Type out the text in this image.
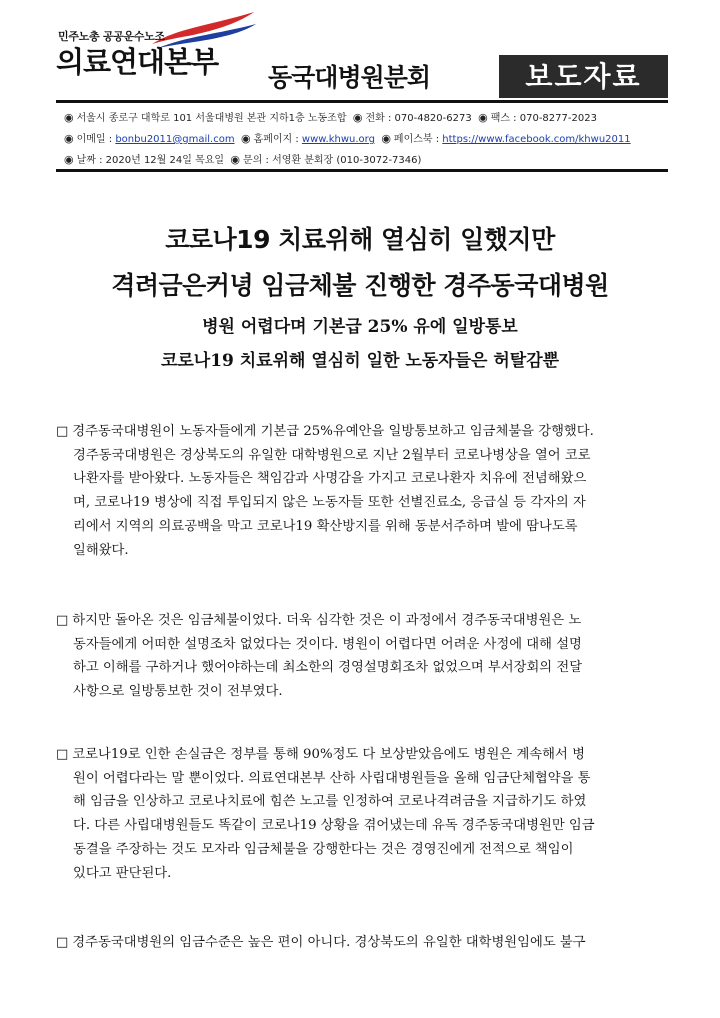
민주노총 공공운수노조
의료연대본부 동국대병원분회	보도자료
◉ 서울시 종로구 대학로 101 서울대병원 본관 지하1층 노동조합 ◉ 전화 : 070-4820-6273 ◉ 팩스 : 070-8277-2023
◉ 이메일 : bonbu2011@gmail.com ◉ 홈페이지 : www.khwu.org ◉ 페이스북 : https://www.facebook.com/khwu2011
◉ 날짜 : 2020년 12월 24일 목요일 ◉ 문의 : 서영환 분회장 (010-3072-7346)
코로나19 치료위해 열심히 일했지만
격려금은커녕 임금체불 진행한 경주동국대병원
병원 어렵다며 기본급 25% 유에 일방통보
코로나19 치료위해 열심히 일한 노동자들은 허탈감뿐
□ 경주동국대병원이 노동자들에게 기본급 25%유예안을 일방통보하고 임금체불을 강행했다.
경주동국대병원은 경상북도의 유일한 대학병원으로 지난 2월부터 코로나병상을 열어 코로
나환자를 받아왔다. 노동자들은 책임감과 사명감을 가지고 코로나환자 치유에 전념해왔으
며, 코로나19 병상에 직접 투입되지 않은 노동자들 또한 선별진료소, 응급실 등 각자의 자
리에서 지역의 의료공백을 막고 코로나19 확산방지를 위해 동분서주하며 발에 땀나도록
일해왔다.
□ 하지만 돌아온 것은 임금체불이었다. 더욱 심각한 것은 이 과정에서 경주동국대병원은 노
동자들에게 어떠한 설명조차 없었다는 것이다. 병원이 어렵다면 어려운 사정에 대해 설명
하고 이해를 구하거나 했어야하는데 최소한의 경영설명회조차 없었으며 부서장회의 전달
사항으로 일방통보한 것이 전부였다.
□ 코로나19로 인한 손실금은 정부를 통해 90%정도 다 보상받았음에도 병원은 계속해서 병
원이 어렵다라는 말 뿐이었다. 의료연대본부 산하 사립대병원들을 올해 임금단체협약을 통
해 임금을 인상하고 코로나치료에 힘쓴 노고를 인정하여 코로나격려금을 지급하기도 하였
다. 다른 사립대병원들도 똑같이 코로나19 상황을 겪어냈는데 유독 경주동국대병원만 임금
동결을 주장하는 것도 모자라 임금체불을 강행한다는 것은 경영진에게 전적으로 책임이
있다고 판단된다.
□ 경주동국대병원의 임금수준은 높은 편이 아니다. 경상북도의 유일한 대학병원임에도 불구
